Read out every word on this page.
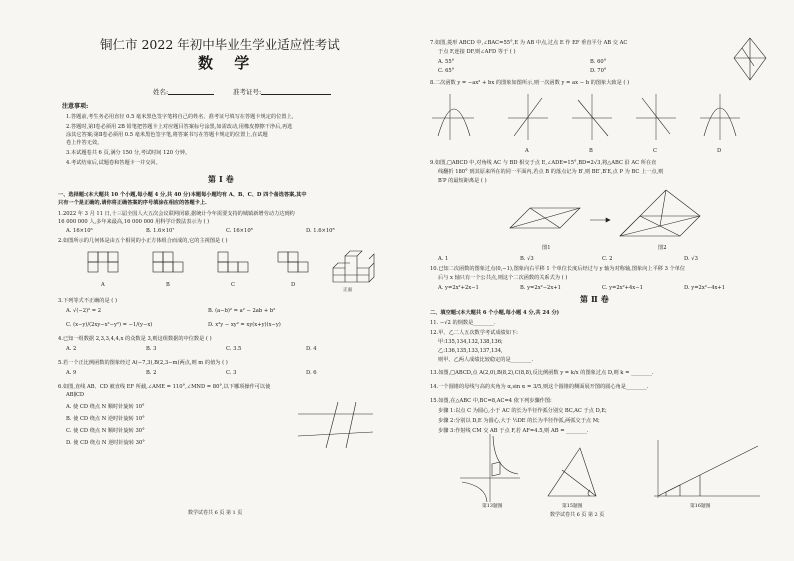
铜仁市 2022 年初中毕业生学业适应性考试
数 学
姓名:	准考证号:
注意事项:
1.答题前,考生务必用直径 0.5 毫米黑色签字笔将自己的姓名、准考证号填写在答题卡规定的位置上,
2.答题时,第Ⅰ卷必须用 2B 铅笔把答题卡上对应题目答案标号涂黑,如需改动,用橡皮擦擦干净后,再选
涂其它答案;第Ⅱ卷必须用 0.5 毫米黑色签字笔,将答案书写在答题卡规定的位置上,在试题
卷上作答无效。
3.本试题卷共 6 页,满分 150 分,考试时间 120 分钟。
4.考试结束后,试题卷和答题卡一并交回。
第Ⅰ卷
一、选择题:(本大题共 10 个小题,每小题 4 分,共 40 分)本题每小题均有 A、B、C、D 四个备选答案,其中
只有一个是正确的,请你将正确答案的序号填涂在相应的答题卡上.
1.2022 年 3 月 11 日,十三届全国人大五次会议联网闭幕,据统计今年需要支持的城镇新增劳动力达到约
16 000 000 人,多年来最高,16 000 000 用科学计数法表示为 ( )
A. 16×10⁶	B. 1.6×10⁷	C. 16×10⁸	D. 1.6×10⁸
2.如图所示的几何体是由五个相同的小正方体组合而成的,它的主视图是 ( )
A	B	C	D
正面
3.下列等式不正确的是 ( )
A. √(−2)² = 2	B. (a−b)² = a² − 2ab + b²
C. (x−y)/(2xy−x²−y²) = −1/(y−x)	D. x²y − xy² = xy(x+y)(x−y)
4.已知一组数据 2,3,3,4,4,x 的众数是 3,则这组数据的中位数是 ( )
A. 2	B. 3	C. 3.5	D. 4
5.若一个正比例函数的图象经过 A(−7,3),B(2,3−m)两点,则 m 的值为 ( )
A. 9	B. 2	C. 3	D. 6
6.如图,直线 AB、CD 被直线 EF 所截,∠AME = 110°,∠MND = 80°,以下哪项操作可以使
AB∥CD
A. 使 CD 绕点 N 顺时针旋转 10°
B. 使 CD 绕点 N 逆时针旋转 10°
C. 使 CD 绕点 N 顺时针旋转 30°
D. 使 CD 绕点 N 逆时针旋转 30°
数学试卷共 6 页 第 1 页
7.如图,菱形 ABCD 中,∠BAC=55°,E 为 AB 中点,过点 E 作 EF 垂直平分 AB 交 AC
于点 F,连接 DF,则∠AFD 等于 ( )
A. 55°	B. 60°
C. 65°	D. 70°
8.二次函数 y = −ax² + bx 的图象如图所示,则一次函数 y = ax − b 的图象大致是 ( )
A	B	C	D
9.如图,□ABCD 中,对角线 AC 与 BD 相交于点 E,∠ADE=15°,BD=2√3,将△ABC 沿 AC 所在直
线翻折 180° 到其原来所在的同一平面内,若点 B 的落点记为 B′,则 BE′,B′E,点 P 为 BC 上一点,则
B′P 的最短距离是 ( )
图1	图2
A. 1	B. √3	C. 2	D. √3
10.已知二次函数的图象过点(0,−1),图象向右平移 1 个单位长度后经过与 y 轴为对称轴,图象向上平移 3 个单位
后与 x 轴只有一个公共点,则这个二次函数的关系式为 ( )
A. y=2x²+2x−1	B. y=2x²−2x+1	C. y=2x²+4x−1	D. y=2x²−4x+1
第Ⅱ卷
二、填空题:(本大题共 6 个小题,每小题 4 分,共 24 分)
11. −√2 的倒数是________.
12.甲、乙二人五次数学考试成绩如下:
甲:135,134,132,138,136;
乙:136,135,133,137,134,
则甲、乙两人成绩比较稳定的是________.
13.如图,□ABCD,点 A(2,0),B(8,2),C(8,8),反比例函数 y = k/x 的图象过点 D,则 k = ________.
14.一个圆锥的母线与高的夹角为 α,sin α = 3/5,则这个圆锥的侧面展开图的圆心角是________.
15.如图,在△ABC 中,BC=8,AC=4 依下列步骤作图:
步骤 1:以点 C 为圆心,小于 AC 的长为半径作弧分别交 BC,AC 于点 D,E;
步骤 2:分别以 D,E 为圆心,大于 ½DE 的长为半径作弧,两弧交于点 M;
步骤 3:作射线 CM 交 AB 于点 F,若 AF=4.5,则 AB = ________.
第13题图	第15题图	第16题图
数学试卷共 6 页 第 2 页
